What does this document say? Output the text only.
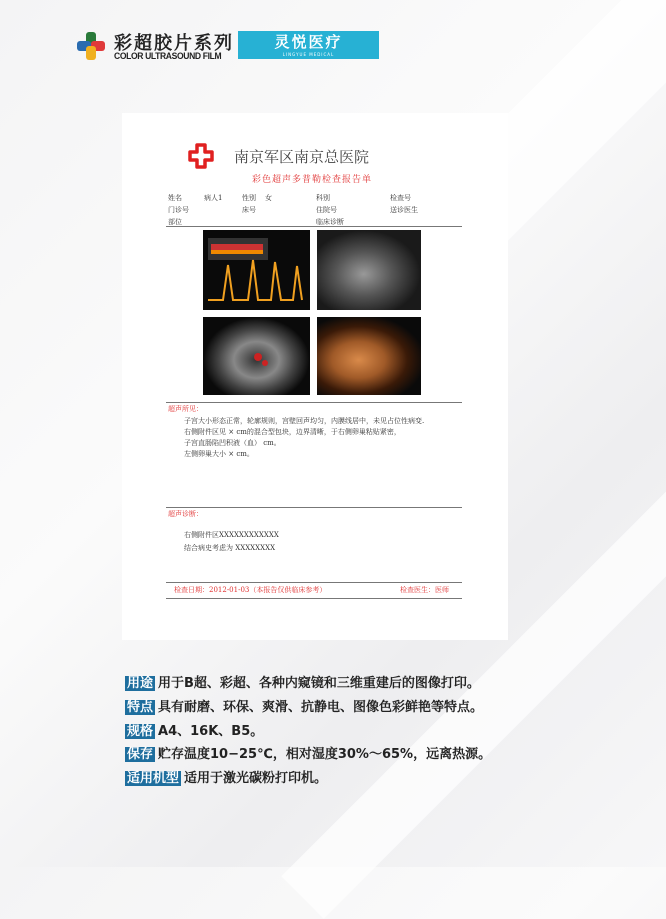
彩超胶片系列
COLOR ULTRASOUND FILM
灵悦医疗
LINGYUE MEDICAL
南京军区南京总医院
彩色超声多普勒检查报告单
姓名	病人1	性别 女	科别	检查号
门诊号	床号	住院号	送诊医生
部位	临床诊断
超声所见：
子宫大小形态正常，轮廓规则，宫壁回声均匀，内膜线居中，未见占位性病变.
右侧附件区见 × cm的混合型包块，边界清晰，于右侧卵巢粘贴紧密，
子宫直肠陷凹积液（血） cm。
左侧卵巢大小 × cm。
超声诊断：
右侧附件区XXXXXXXXXXXX
结合病史考虑为 XXXXXXXX
检查日期：2012-01-03（本报告仅供临床参考）	检查医生：医师
用途 用于B超、彩超、各种内窥镜和三维重建后的图像打印。
特点 具有耐磨、环保、爽滑、抗静电、图像色彩鲜艳等特点。
规格 A4、16K、B5。
保存 贮存温度10−25℃，相对湿度30%～65%，远离热源。
适用机型 适用于激光碳粉打印机。
